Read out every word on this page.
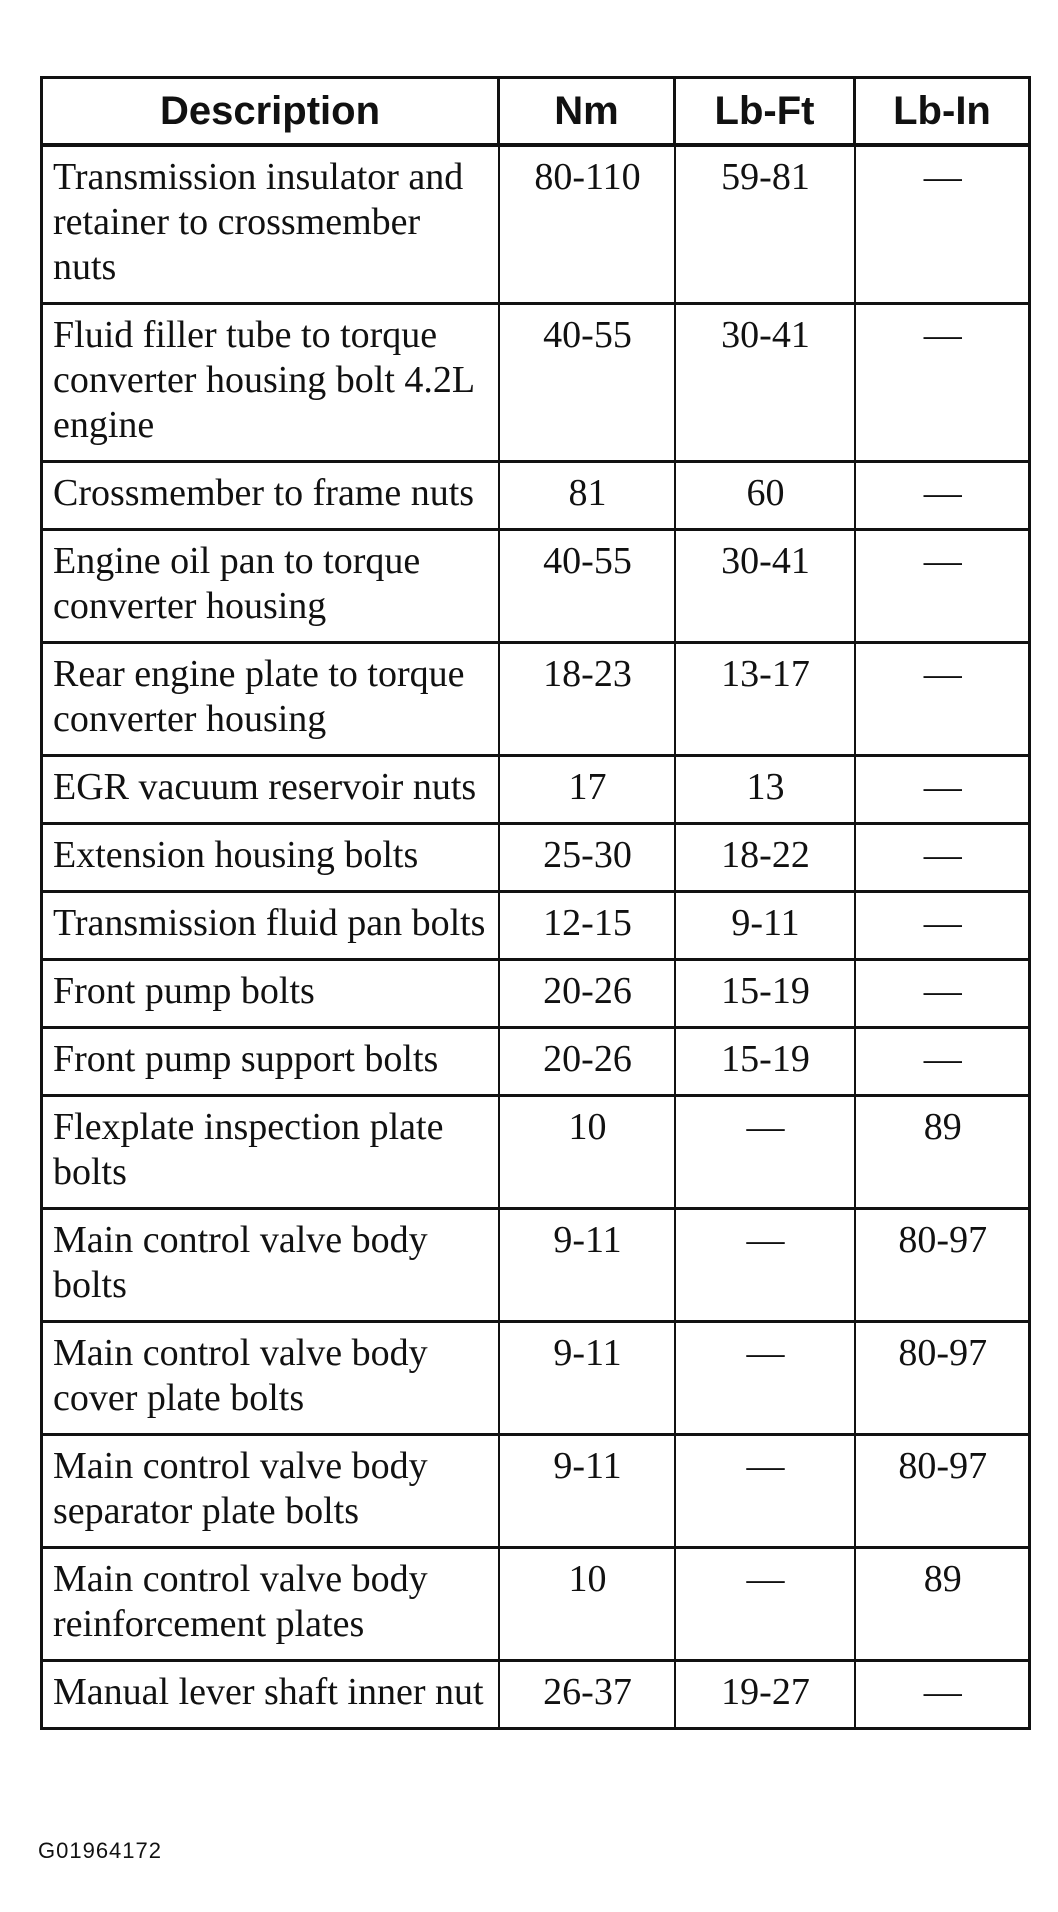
Description	Nm	Lb-Ft	Lb-In
Transmission insulator and retainer to crossmember nuts	80-110	59-81	—
Fluid filler tube to torque converter housing bolt 4.2L engine	40-55	30-41	—
Crossmember to frame nuts	81	60	—
Engine oil pan to torque converter housing	40-55	30-41	—
Rear engine plate to torque converter housing	18-23	13-17	—
EGR vacuum reservoir nuts	17	13	—
Extension housing bolts	25-30	18-22	—
Transmission fluid pan bolts	12-15	9-11	—
Front pump bolts	20-26	15-19	—
Front pump support bolts	20-26	15-19	—
Flexplate inspection plate bolts	10	—	89
Main control valve body bolts	9-11	—	80-97
Main control valve body cover plate bolts	9-11	—	80-97
Main control valve body separator plate bolts	9-11	—	80-97
Main control valve body reinforcement plates	10	—	89
Manual lever shaft inner nut	26-37	19-27	—
G01964172
